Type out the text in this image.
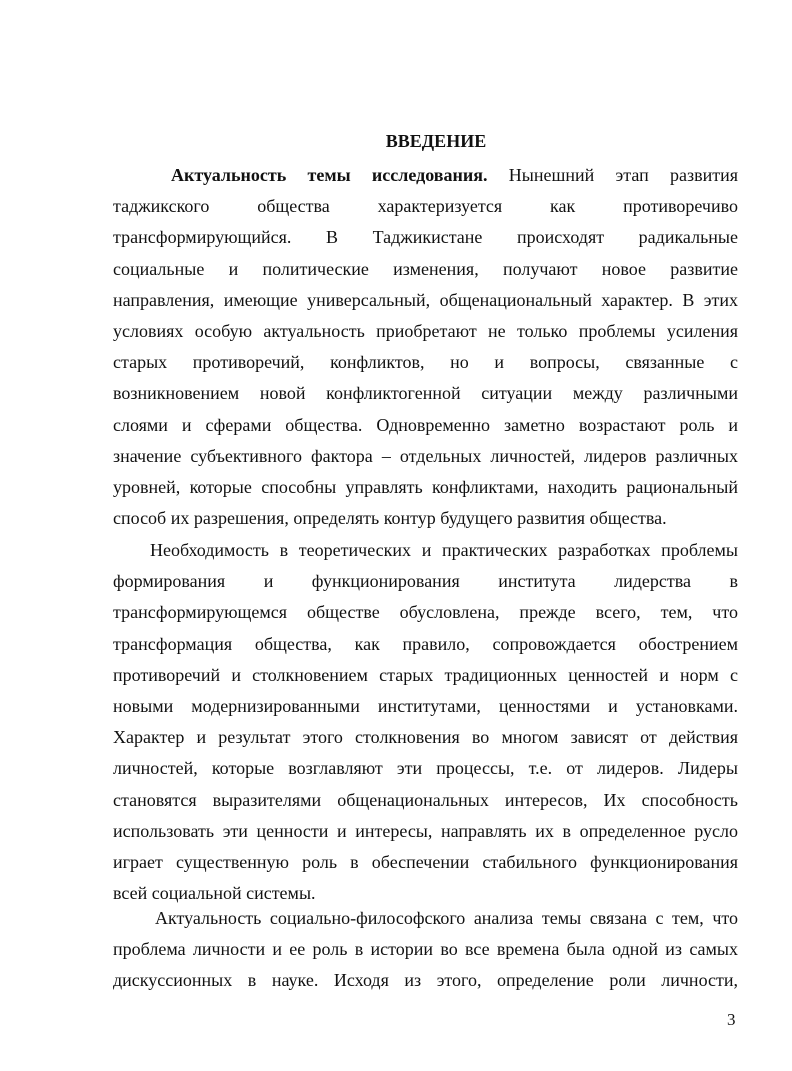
ВВЕДЕНИЕ
Актуальность темы исследования. Нынешний этап развития
таджикского общества характеризуется как противоречиво
трансформирующийся. В Таджикистане происходят радикальные
социальные и политические изменения, получают новое развитие
направления, имеющие универсальный, общенациональный характер. В этих
условиях особую актуальность приобретают не только проблемы усиления
старых противоречий, конфликтов, но и вопросы, связанные с
возникновением новой конфликтогенной ситуации между различными
слоями и сферами общества. Одновременно заметно возрастают роль и
значение субъективного фактора – отдельных личностей, лидеров различных
уровней, которые способны управлять конфликтами, находить рациональный
способ их разрешения, определять контур будущего развития общества.
Необходимость в теоретических и практических разработках проблемы
формирования и функционирования института лидерства в
трансформирующемся обществе обусловлена, прежде всего, тем, что
трансформация общества, как правило, сопровождается обострением
противоречий и столкновением старых традиционных ценностей и норм с
новыми модернизированными институтами, ценностями и установками.
Характер и результат этого столкновения во многом зависят от действия
личностей, которые возглавляют эти процессы, т.е. от лидеров. Лидеры
становятся выразителями общенациональных интересов, Их способность
использовать эти ценности и интересы, направлять их в определенное русло
играет существенную роль в обеспечении стабильного функционирования
всей социальной системы.
Актуальность социально-философского анализа темы связана с тем, что
проблема личности и ее роль в истории во все времена была одной из самых
дискуссионных в науке. Исходя из этого, определение роли личности,
3
